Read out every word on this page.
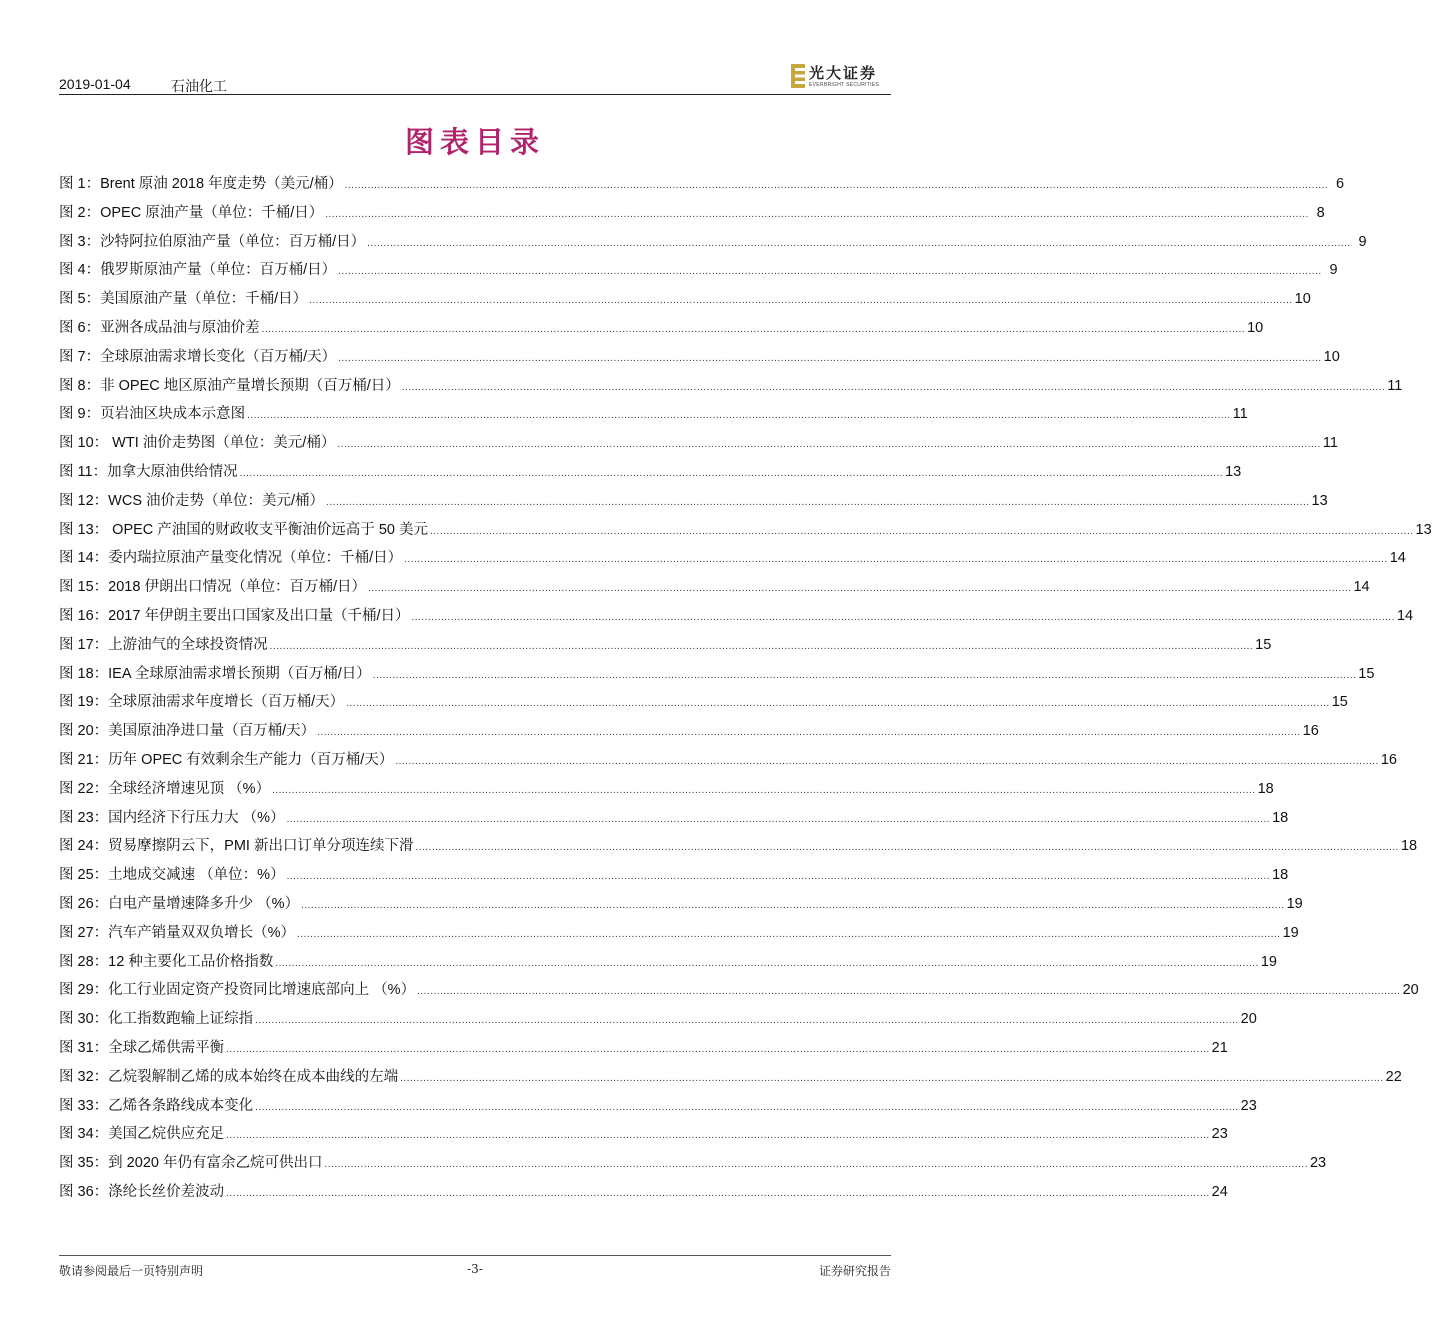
2019-01-04	石油化工
光大证券
EVERBRIGHT SECURITIES
图表目录
图 1：Brent 原油 2018 年度走势（美元/桶） ............................................................................................................................................................................................................................................................................................................ 6
图 2：OPEC 原油产量（单位：千桶/日） ............................................................................................................................................................................................................................................................................................................ 8
图 3：沙特阿拉伯原油产量（单位：百万桶/日） ............................................................................................................................................................................................................................................................................................................ 9
图 4：俄罗斯原油产量（单位：百万桶/日） ............................................................................................................................................................................................................................................................................................................ 9
图 5：美国原油产量（单位：千桶/日） ............................................................................................................................................................................................................................................................................................................ 10
图 6：亚洲各成品油与原油价差 ............................................................................................................................................................................................................................................................................................................ 10
图 7：全球原油需求增长变化（百万桶/天） ............................................................................................................................................................................................................................................................................................................ 10
图 8：非 OPEC 地区原油产量增长预期（百万桶/日） ............................................................................................................................................................................................................................................................................................................ 11
图 9：页岩油区块成本示意图 ............................................................................................................................................................................................................................................................................................................ 11
图 10： WTI 油价走势图（单位：美元/桶） ............................................................................................................................................................................................................................................................................................................ 11
图 11：加拿大原油供给情况 ............................................................................................................................................................................................................................................................................................................ 13
图 12：WCS 油价走势（单位：美元/桶） ............................................................................................................................................................................................................................................................................................................ 13
图 13： OPEC 产油国的财政收支平衡油价远高于 50 美元 ............................................................................................................................................................................................................................................................................................................ 13
图 14：委内瑞拉原油产量变化情况（单位：千桶/日） ............................................................................................................................................................................................................................................................................................................ 14
图 15：2018 伊朗出口情况（单位：百万桶/日） ............................................................................................................................................................................................................................................................................................................ 14
图 16：2017 年伊朗主要出口国家及出口量（千桶/日） ............................................................................................................................................................................................................................................................................................................ 14
图 17：上游油气的全球投资情况 ............................................................................................................................................................................................................................................................................................................ 15
图 18：IEA 全球原油需求增长预期（百万桶/日） ............................................................................................................................................................................................................................................................................................................ 15
图 19：全球原油需求年度增长（百万桶/天） ............................................................................................................................................................................................................................................................................................................ 15
图 20：美国原油净进口量（百万桶/天） ............................................................................................................................................................................................................................................................................................................ 16
图 21：历年 OPEC 有效剩余生产能力（百万桶/天） ............................................................................................................................................................................................................................................................................................................ 16
图 22：全球经济增速见顶 （%） ............................................................................................................................................................................................................................................................................................................ 18
图 23：国内经济下行压力大 （%） ............................................................................................................................................................................................................................................................................................................ 18
图 24：贸易摩擦阴云下，PMI 新出口订单分项连续下滑 ............................................................................................................................................................................................................................................................................................................ 18
图 25：土地成交减速 （单位：%） ............................................................................................................................................................................................................................................................................................................ 18
图 26：白电产量增速降多升少 （%） ............................................................................................................................................................................................................................................................................................................ 19
图 27：汽车产销量双双负增长（%） ............................................................................................................................................................................................................................................................................................................ 19
图 28：12 种主要化工品价格指数 ............................................................................................................................................................................................................................................................................................................ 19
图 29：化工行业固定资产投资同比增速底部向上 （%） ............................................................................................................................................................................................................................................................................................................ 20
图 30：化工指数跑输上证综指 ............................................................................................................................................................................................................................................................................................................ 20
图 31：全球乙烯供需平衡 ............................................................................................................................................................................................................................................................................................................ 21
图 32：乙烷裂解制乙烯的成本始终在成本曲线的左端 ............................................................................................................................................................................................................................................................................................................ 22
图 33：乙烯各条路线成本变化 ............................................................................................................................................................................................................................................................................................................ 23
图 34：美国乙烷供应充足 ............................................................................................................................................................................................................................................................................................................ 23
图 35：到 2020 年仍有富余乙烷可供出口 ............................................................................................................................................................................................................................................................................................................ 23
图 36：涤纶长丝价差波动 ............................................................................................................................................................................................................................................................................................................ 24
敬请参阅最后一页特别声明	-3-	证券研究报告
